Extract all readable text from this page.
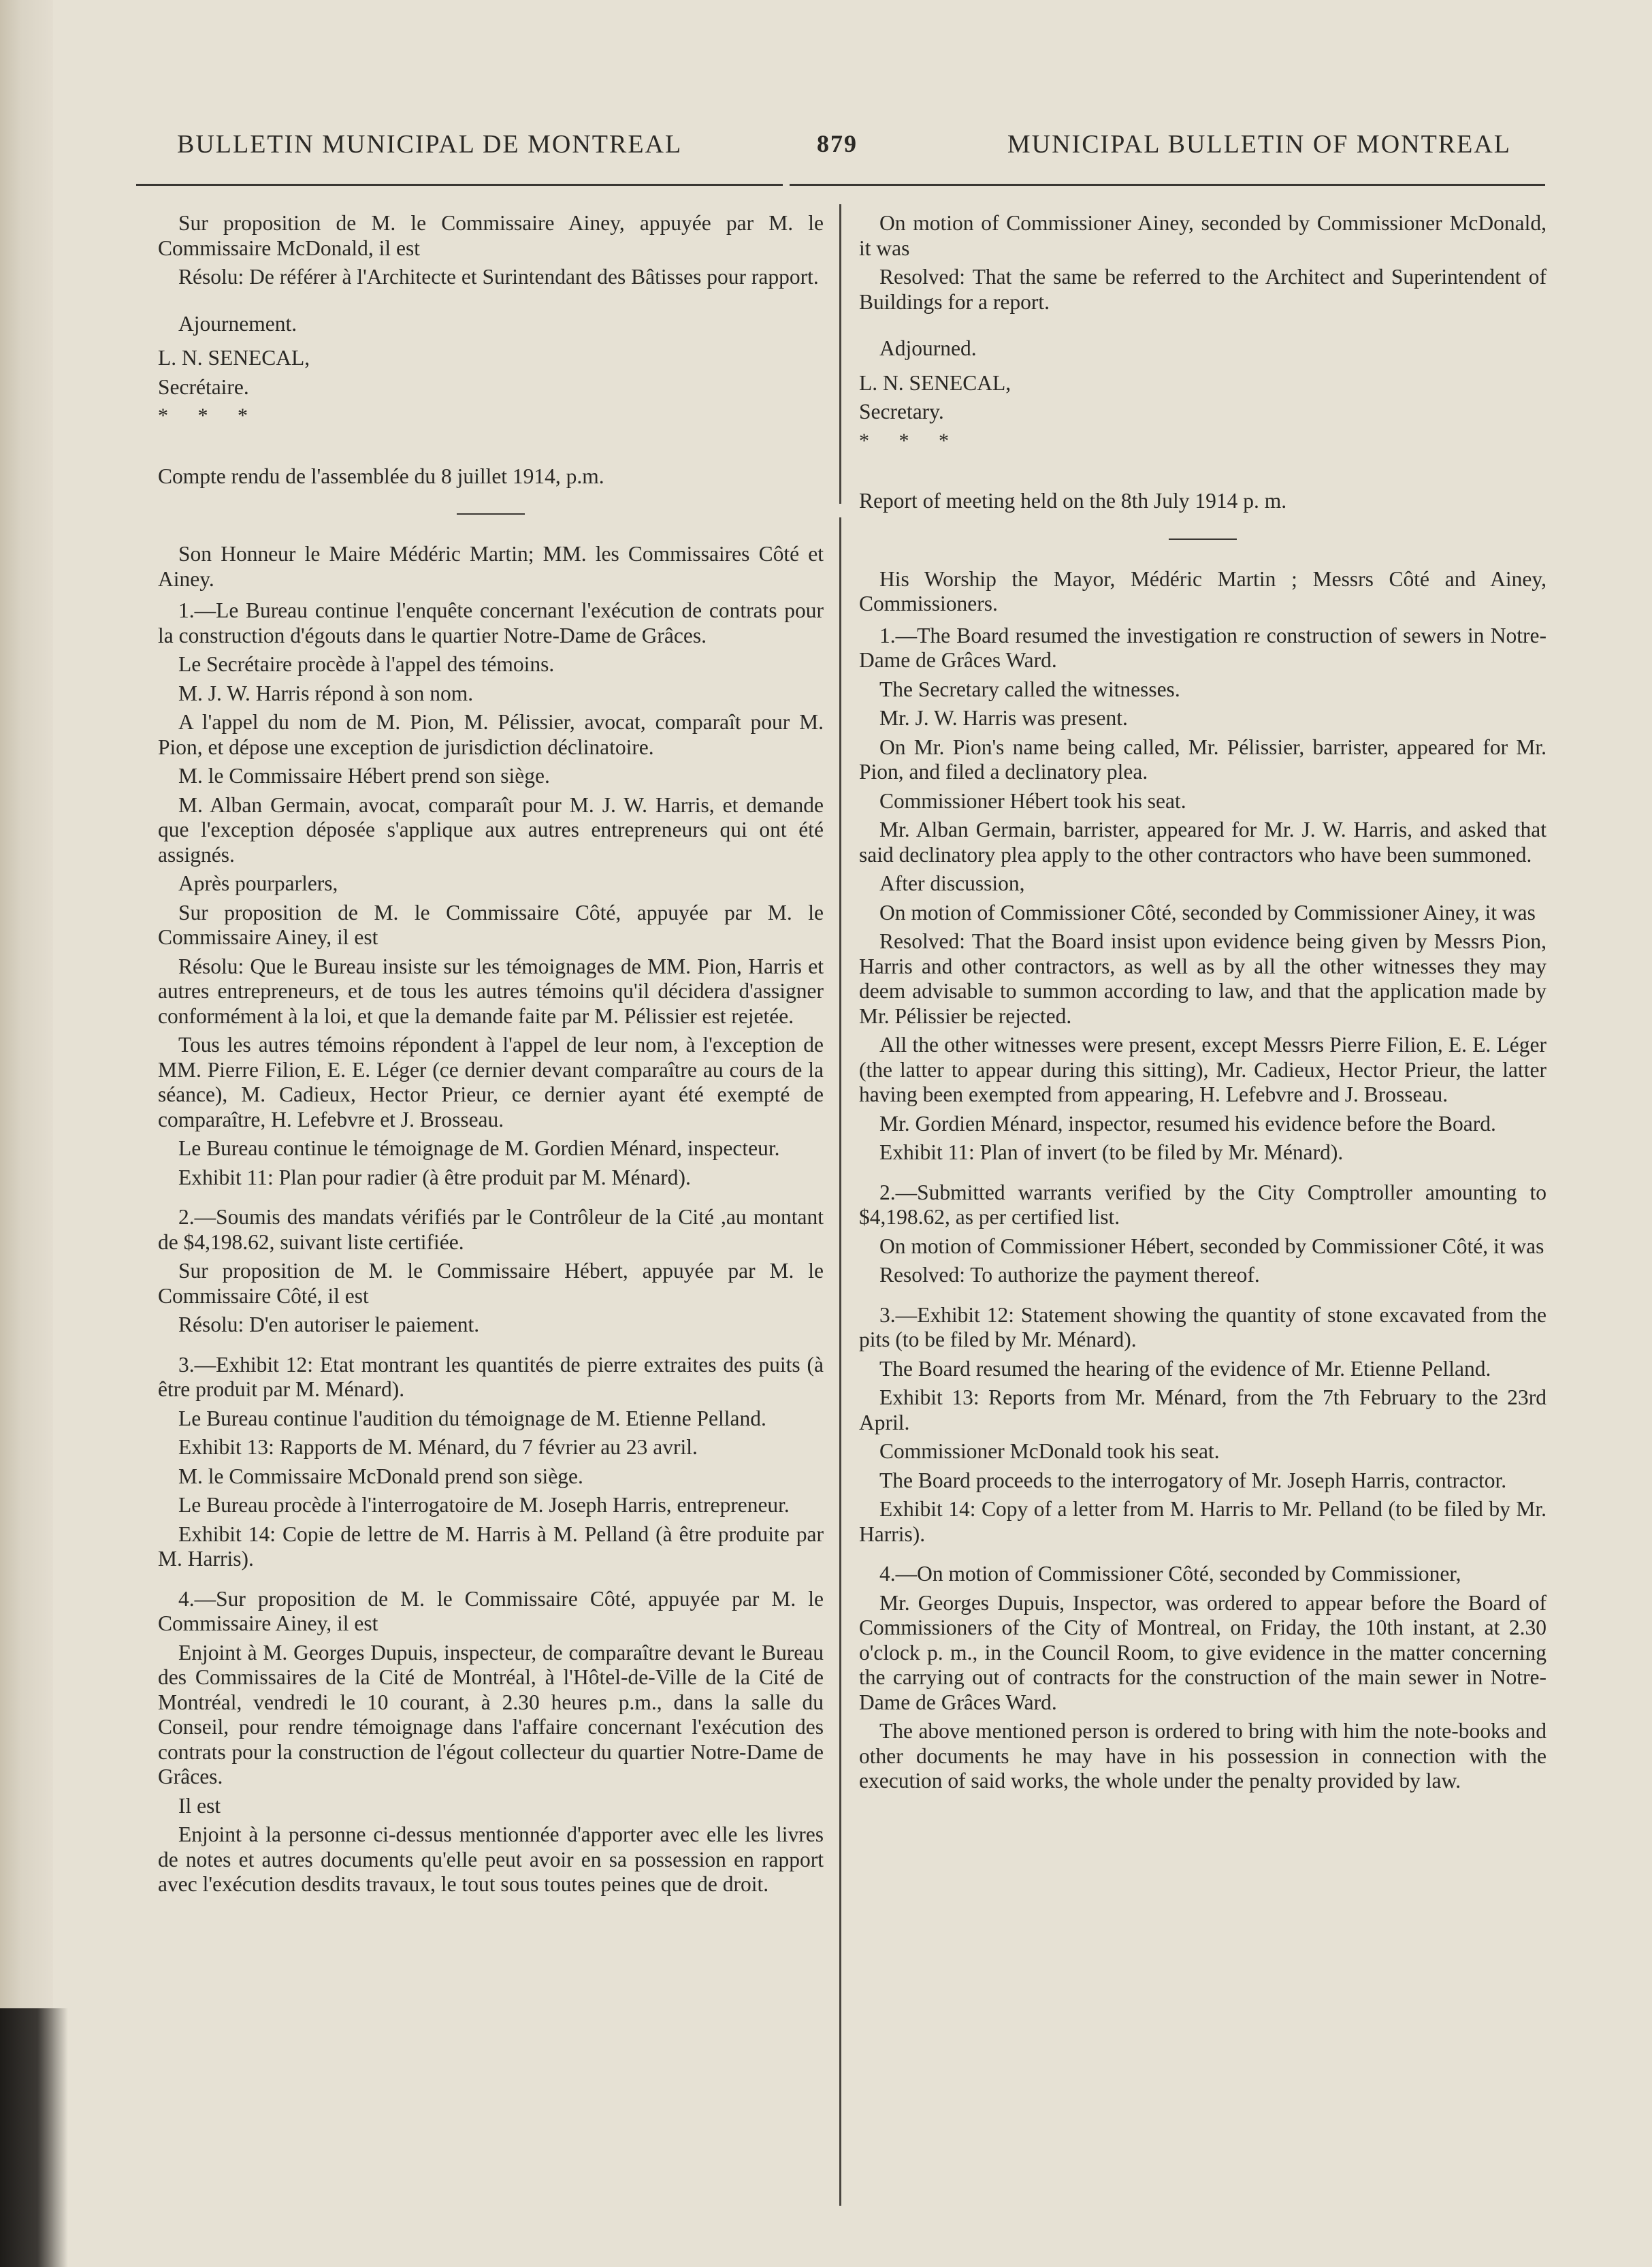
BULLETIN MUNICIPAL DE MONTREAL	879	MUNICIPAL BULLETIN OF MONTREAL

Sur proposition de M. le Commissaire Ainey, appuyée par M. le Commissaire McDonald, il est

Résolu: De référer à l'Architecte et Surintendant des Bâtisses pour rapport.

Ajournement.

L. N. SENECAL,

Secrétaire.

* * *

Compte rendu de l'assemblée du 8 juillet 1914, p.m.

Son Honneur le Maire Médéric Martin; MM. les Commissaires Côté et Ainey.

1.—Le Bureau continue l'enquête concernant l'exécution de contrats pour la construction d'égouts dans le quartier Notre-Dame de Grâces.

Le Secrétaire procède à l'appel des témoins.

M. J. W. Harris répond à son nom.

A l'appel du nom de M. Pion, M. Pélissier, avocat, comparaît pour M. Pion, et dépose une exception de jurisdiction déclinatoire.

M. le Commissaire Hébert prend son siège.

M. Alban Germain, avocat, comparaît pour M. J. W. Harris, et demande que l'exception déposée s'applique aux autres entrepreneurs qui ont été assignés.

Après pourparlers,

Sur proposition de M. le Commissaire Côté, appuyée par M. le Commissaire Ainey, il est

Résolu: Que le Bureau insiste sur les témoignages de MM. Pion, Harris et autres entrepreneurs, et de tous les autres témoins qu'il décidera d'assigner conformément à la loi, et que la demande faite par M. Pélissier est rejetée.

Tous les autres témoins répondent à l'appel de leur nom, à l'exception de MM. Pierre Filion, E. E. Léger (ce dernier devant comparaître au cours de la séance), M. Cadieux, Hector Prieur, ce dernier ayant été exempté de comparaître, H. Lefebvre et J. Brosseau.

Le Bureau continue le témoignage de M. Gordien Ménard, inspecteur.

Exhibit 11: Plan pour radier (à être produit par M. Ménard).

2.—Soumis des mandats vérifiés par le Contrôleur de la Cité ,au montant de $4,198.62, suivant liste certifiée.

Sur proposition de M. le Commissaire Hébert, appuyée par M. le Commissaire Côté, il est

Résolu: D'en autoriser le paiement.

3.—Exhibit 12: Etat montrant les quantités de pierre extraites des puits (à être produit par M. Ménard).

Le Bureau continue l'audition du témoignage de M. Etienne Pelland.

Exhibit 13: Rapports de M. Ménard, du 7 février au 23 avril.

M. le Commissaire McDonald prend son siège.

Le Bureau procède à l'interrogatoire de M. Joseph Harris, entrepreneur.

Exhibit 14: Copie de lettre de M. Harris à M. Pelland (à être produite par M. Harris).

4.—Sur proposition de M. le Commissaire Côté, appuyée par M. le Commissaire Ainey, il est

Enjoint à M. Georges Dupuis, inspecteur, de comparaître devant le Bureau des Commissaires de la Cité de Montréal, à l'Hôtel-de-Ville de la Cité de Montréal, vendredi le 10 courant, à 2.30 heures p.m., dans la salle du Conseil, pour rendre témoignage dans l'affaire concernant l'exécution des contrats pour la construction de l'égout collecteur du quartier Notre-Dame de Grâces.

Il est

Enjoint à la personne ci-dessus mentionnée d'apporter avec elle les livres de notes et autres documents qu'elle peut avoir en sa possession en rapport avec l'exécution desdits travaux, le tout sous toutes peines que de droit.

On motion of Commissioner Ainey, seconded by Commissioner McDonald, it was

Resolved: That the same be referred to the Architect and Superintendent of Buildings for a report.

Adjourned.

L. N. SENECAL,

Secretary.

* * *

Report of meeting held on the 8th July 1914 p. m.

His Worship the Mayor, Médéric Martin ; Messrs Côté and Ainey, Commissioners.

1.—The Board resumed the investigation re construction of sewers in Notre-Dame de Grâces Ward.

The Secretary called the witnesses.

Mr. J. W. Harris was present.

On Mr. Pion's name being called, Mr. Pélissier, barrister, appeared for Mr. Pion, and filed a declinatory plea.

Commissioner Hébert took his seat.

Mr. Alban Germain, barrister, appeared for Mr. J. W. Harris, and asked that said declinatory plea apply to the other contractors who have been summoned.

After discussion,

On motion of Commissioner Côté, seconded by Commissioner Ainey, it was

Resolved: That the Board insist upon evidence being given by Messrs Pion, Harris and other contractors, as well as by all the other witnesses they may deem advisable to summon according to law, and that the application made by Mr. Pélissier be rejected.

All the other witnesses were present, except Messrs Pierre Filion, E. E. Léger (the latter to appear during this sitting), Mr. Cadieux, Hector Prieur, the latter having been exempted from appearing, H. Lefebvre and J. Brosseau.

Mr. Gordien Ménard, inspector, resumed his evidence before the Board.

Exhibit 11: Plan of invert (to be filed by Mr. Ménard).

2.—Submitted warrants verified by the City Comptroller amounting to $4,198.62, as per certified list.

On motion of Commissioner Hébert, seconded by Commissioner Côté, it was

Resolved: To authorize the payment thereof.

3.—Exhibit 12: Statement showing the quantity of stone excavated from the pits (to be filed by Mr. Ménard).

The Board resumed the hearing of the evidence of Mr. Etienne Pelland.

Exhibit 13: Reports from Mr. Ménard, from the 7th February to the 23rd April.

Commissioner McDonald took his seat.

The Board proceeds to the interrogatory of Mr. Joseph Harris, contractor.

Exhibit 14: Copy of a letter from M. Harris to Mr. Pelland (to be filed by Mr. Harris).

4.—On motion of Commissioner Côté, seconded by Commissioner,

Mr. Georges Dupuis, Inspector, was ordered to appear before the Board of Commissioners of the City of Montreal, on Friday, the 10th instant, at 2.30 o'clock p. m., in the Council Room, to give evidence in the matter concerning the carrying out of contracts for the construction of the main sewer in Notre-Dame de Grâces Ward.

The above mentioned person is ordered to bring with him the note-books and other documents he may have in his possession in connection with the execution of said works, the whole under the penalty provided by law.
